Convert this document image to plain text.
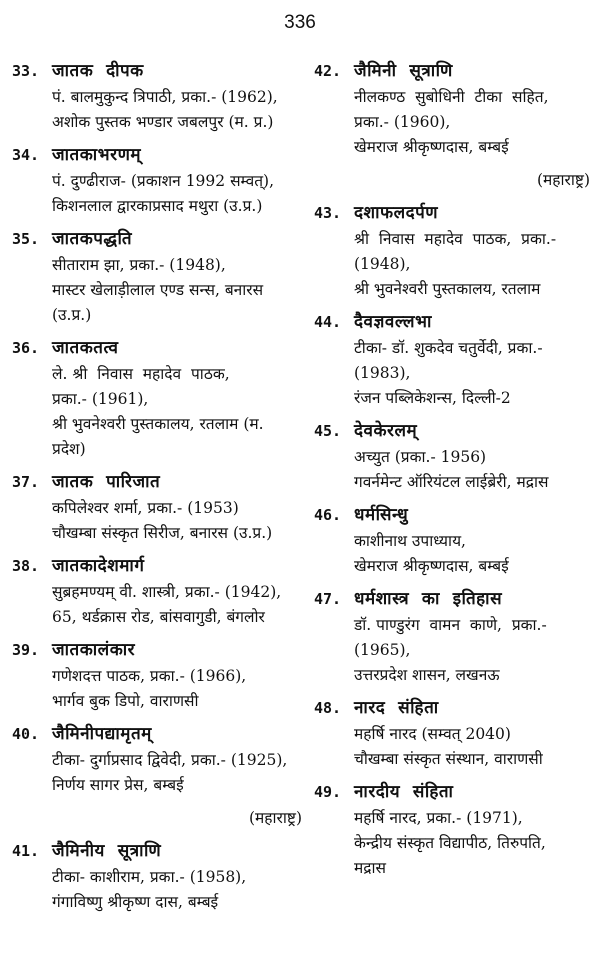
336
33. जातक  दीपक
पं. बालमुकुन्द त्रिपाठी, प्रका.- (1962),
अशोक पुस्तक भण्डार जबलपुर (म. प्र.)
34. जातकाभरणम्
पं. दुण्ढीराज- (प्रकाशन 1992 सम्वत्),
किशनलाल द्वारकाप्रसाद मथुरा (उ.प्र.)
35. जातकपद्धति
सीताराम झा, प्रका.- (1948),
मास्टर खेलाड़ीलाल एण्ड सन्स, बनारस
(उ.प्र.)
36. जातकतत्व
ले. श्री  निवास  महादेव  पाठक,
प्रका.- (1961),
श्री भुवनेश्वरी पुस्तकालय, रतलाम (म.
प्रदेश)
37. जातक  पारिजात
कपिलेश्वर शर्मा, प्रका.- (1953)
चौखम्बा संस्कृत सिरीज, बनारस (उ.प्र.)
38. जातकादेशमार्ग
सुब्रहमण्यम् वी. शास्त्री, प्रका.- (1942),
65, थर्डक्रास रोड, बांसवागुडी, बंगलोर
39. जातकालंकार
गणेशदत्त पाठक, प्रका.- (1966),
भार्गव बुक डिपो, वाराणसी
40. जैमिनीपद्यामृतम्
टीका- दुर्गाप्रसाद द्विवेदी, प्रका.- (1925),
निर्णय सागर प्रेस, बम्बई
(महाराष्ट्र)
41. जैमिनीय  सूत्राणि
टीका- काशीराम, प्रका.- (1958),
गंगाविष्णु श्रीकृष्ण दास, बम्बई
42. जैमिनी  सूत्राणि
नीलकण्ठ  सुबोधिनी  टीका  सहित,
प्रका.- (1960),
खेमराज श्रीकृष्णदास, बम्बई
(महाराष्ट्र)
43. दशाफलदर्पण
श्री  निवास  महादेव  पाठक,  प्रका.-
(1948),
श्री भुवनेश्वरी पुस्तकालय, रतलाम
44. दैवज्ञवल्लभा
टीका- डॉ. शुकदेव चतुर्वेदी, प्रका.-
(1983),
रंजन पब्लिकेशन्स, दिल्ली-2
45. देवकेरलम्
अच्युत (प्रका.- 1956)
गवर्नमेन्ट ऑरियंटल लाईब्रेरी, मद्रास
46. धर्मसिन्धु
काशीनाथ उपाध्याय,
खेमराज श्रीकृष्णदास, बम्बई
47. धर्मशास्त्र  का  इतिहास
डॉ. पाण्डुरंग  वामन  काणे,  प्रका.-
(1965),
उत्तरप्रदेश शासन, लखनऊ
48. नारद  संहिता
महर्षि नारद (सम्वत् 2040)
चौखम्बा संस्कृत संस्थान, वाराणसी
49. नारदीय  संहिता
महर्षि नारद, प्रका.- (1971),
केन्द्रीय संस्कृत विद्यापीठ, तिरुपति,
मद्रास
